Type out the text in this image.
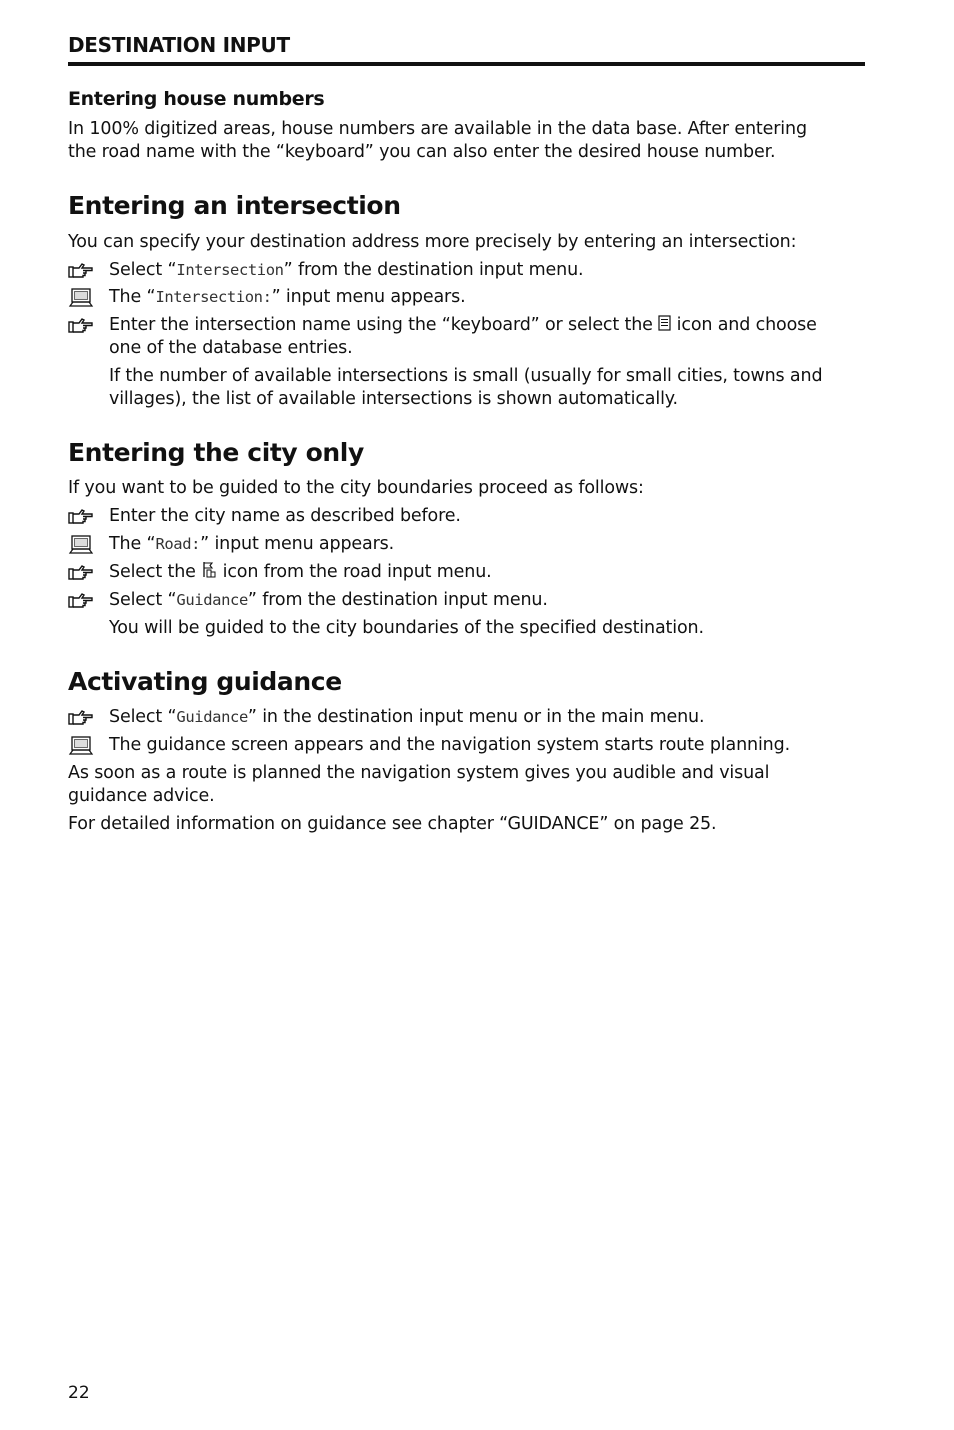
DESTINATION INPUT
Entering house numbers
In 100% digitized areas, house numbers are available in the data base. After entering
the road name with the “keyboard” you can also enter the desired house number.
Entering an intersection
You can specify your destination address more precisely by entering an intersection:
Select “Intersection” from the destination input menu.
The “Intersection:” input menu appears.
Enter the intersection name using the “keyboard” or select the icon and choose
one of the database entries.
If the number of available intersections is small (usually for small cities, towns and
villages), the list of available intersections is shown automatically.
Entering the city only
If you want to be guided to the city boundaries proceed as follows:
Enter the city name as described before.
The “Road:” input menu appears.
Select the icon from the road input menu.
Select “Guidance” from the destination input menu.
You will be guided to the city boundaries of the specified destination.
Activating guidance
Select “Guidance” in the destination input menu or in the main menu.
The guidance screen appears and the navigation system starts route planning.
As soon as a route is planned the navigation system gives you audible and visual
guidance advice.
For detailed information on guidance see chapter “GUIDANCE” on page 25.
22
